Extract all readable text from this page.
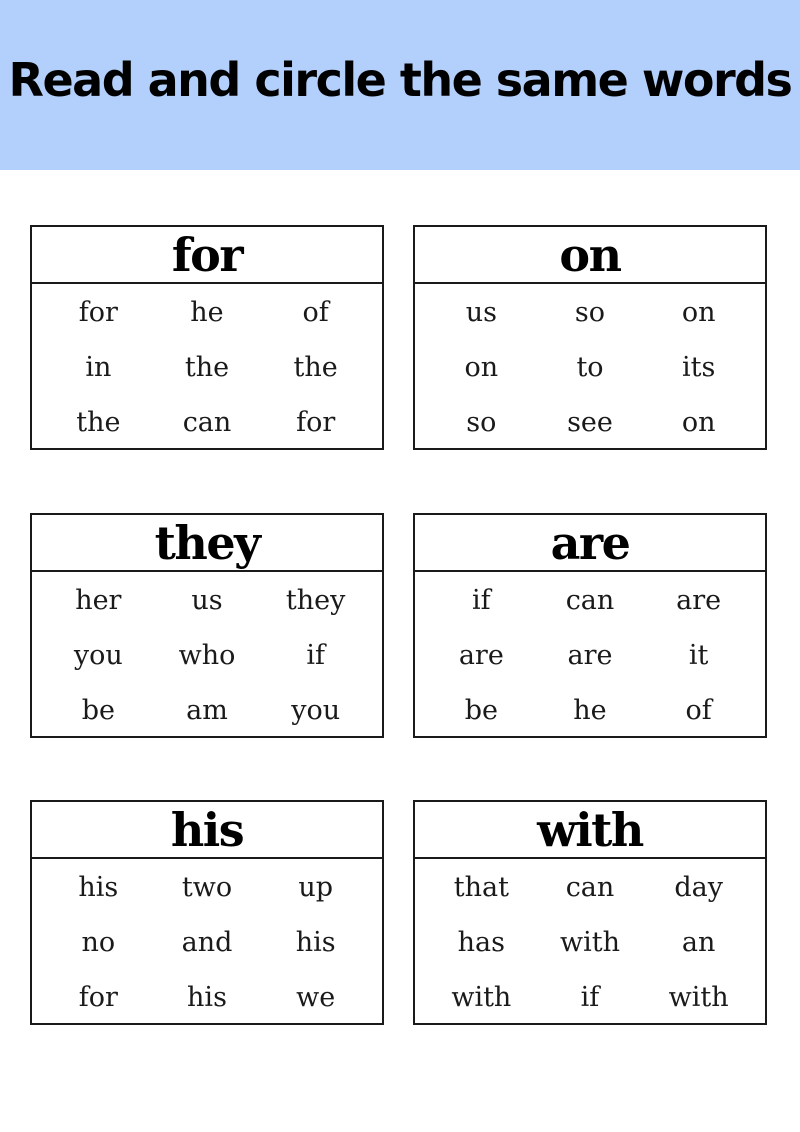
Read and circle the same words
for
for	he	of
in	the	the
the	can	for
on
us	so	on
on	to	its
so	see	on
they
her	us	they
you	who	if
be	am	you
are
if	can	are
are	are	it
be	he	of
his
his	two	up
no	and	his
for	his	we
with
that	can	day
has	with	an
with	if	with
